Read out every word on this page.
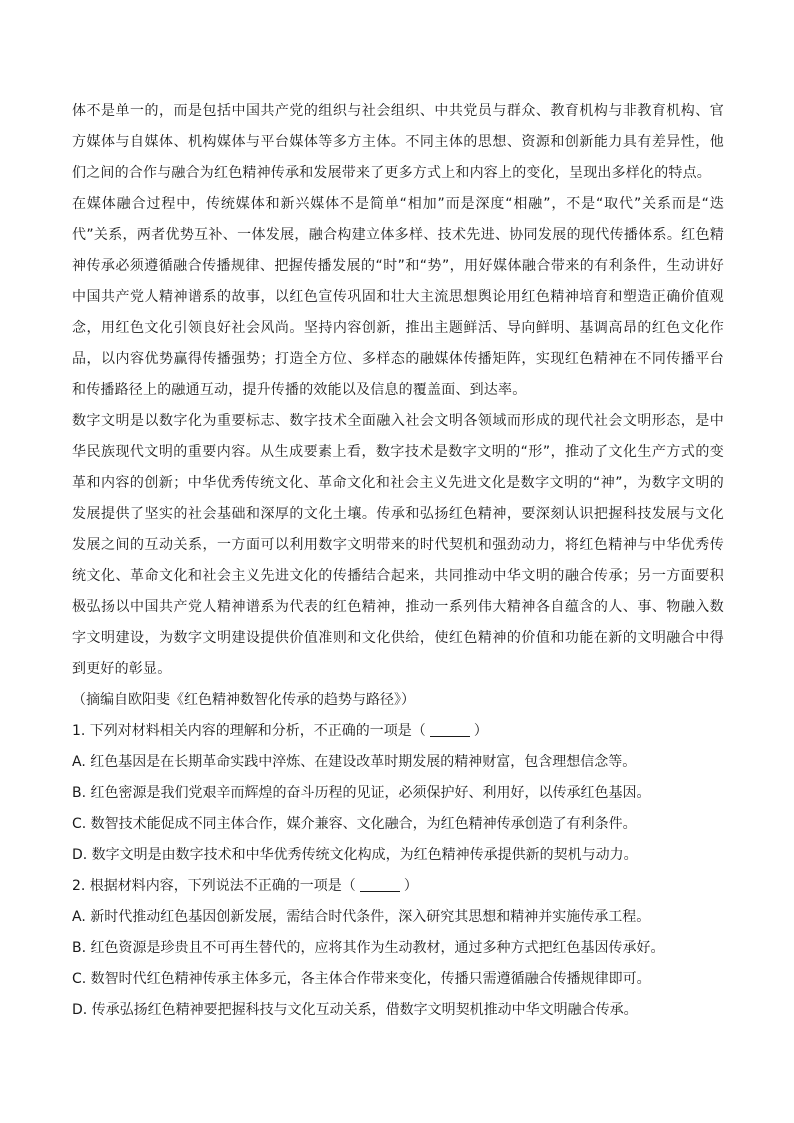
体不是单一的，而是包括中国共产党的组织与社会组织、中共党员与群众、教育机构与非教育机构、官方媒体与自媒体、机构媒体与平台媒体等多方主体。不同主体的思想、资源和创新能力具有差异性，他们之间的合作与融合为红色精神传承和发展带来了更多方式上和内容上的变化，呈现出多样化的特点。

在媒体融合过程中，传统媒体和新兴媒体不是简单“相加”而是深度“相融”，不是“取代”关系而是“迭代”关系，两者优势互补、一体发展，融合构建立体多样、技术先进、协同发展的现代传播体系。红色精神传承必须遵循融合传播规律、把握传播发展的“时”和“势”，用好媒体融合带来的有利条件，生动讲好中国共产党人精神谱系的故事，以红色宣传巩固和壮大主流思想舆论用红色精神培育和塑造正确价值观念，用红色文化引领良好社会风尚。坚持内容创新，推出主题鲜活、导向鲜明、基调高昂的红色文化作品，以内容优势赢得传播强势；打造全方位、多样态的融媒体传播矩阵，实现红色精神在不同传播平台和传播路径上的融通互动，提升传播的效能以及信息的覆盖面、到达率。

数字文明是以数字化为重要标志、数字技术全面融入社会文明各领域而形成的现代社会文明形态，是中华民族现代文明的重要内容。从生成要素上看，数字技术是数字文明的“形”，推动了文化生产方式的变革和内容的创新；中华优秀传统文化、革命文化和社会主义先进文化是数字文明的“神”，为数字文明的发展提供了坚实的社会基础和深厚的文化土壤。传承和弘扬红色精神，要深刻认识把握科技发展与文化发展之间的互动关系，一方面可以利用数字文明带来的时代契机和强劲动力，将红色精神与中华优秀传统文化、革命文化和社会主义先进文化的传播结合起来，共同推动中华文明的融合传承；另一方面要积极弘扬以中国共产党人精神谱系为代表的红色精神，推动一系列伟大精神各自蕴含的人、事、物融入数字文明建设，为数字文明建设提供价值准则和文化供给，使红色精神的价值和功能在新的文明融合中得到更好的彰显。

（摘编自欧阳斐《红色精神数智化传承的趋势与路径》）

1. 下列对材料相关内容的理解和分析，不正确的一项是（	）

A. 红色基因是在长期革命实践中淬炼、在建设改革时期发展的精神财富，包含理想信念等。

B. 红色密源是我们党艰辛而辉煌的奋斗历程的见证，必须保护好、利用好，以传承红色基因。

C. 数智技术能促成不同主体合作，媒介兼容、文化融合，为红色精神传承创造了有利条件。

D. 数字文明是由数字技术和中华优秀传统文化构成，为红色精神传承提供新的契机与动力。

2. 根据材料内容，下列说法不正确的一项是（	）

A. 新时代推动红色基因创新发展，需结合时代条件，深入研究其思想和精神并实施传承工程。

B. 红色资源是珍贵且不可再生替代的，应将其作为生动教材，通过多种方式把红色基因传承好。

C. 数智时代红色精神传承主体多元，各主体合作带来变化，传播只需遵循融合传播规律即可。

D. 传承弘扬红色精神要把握科技与文化互动关系，借数字文明契机推动中华文明融合传承。
